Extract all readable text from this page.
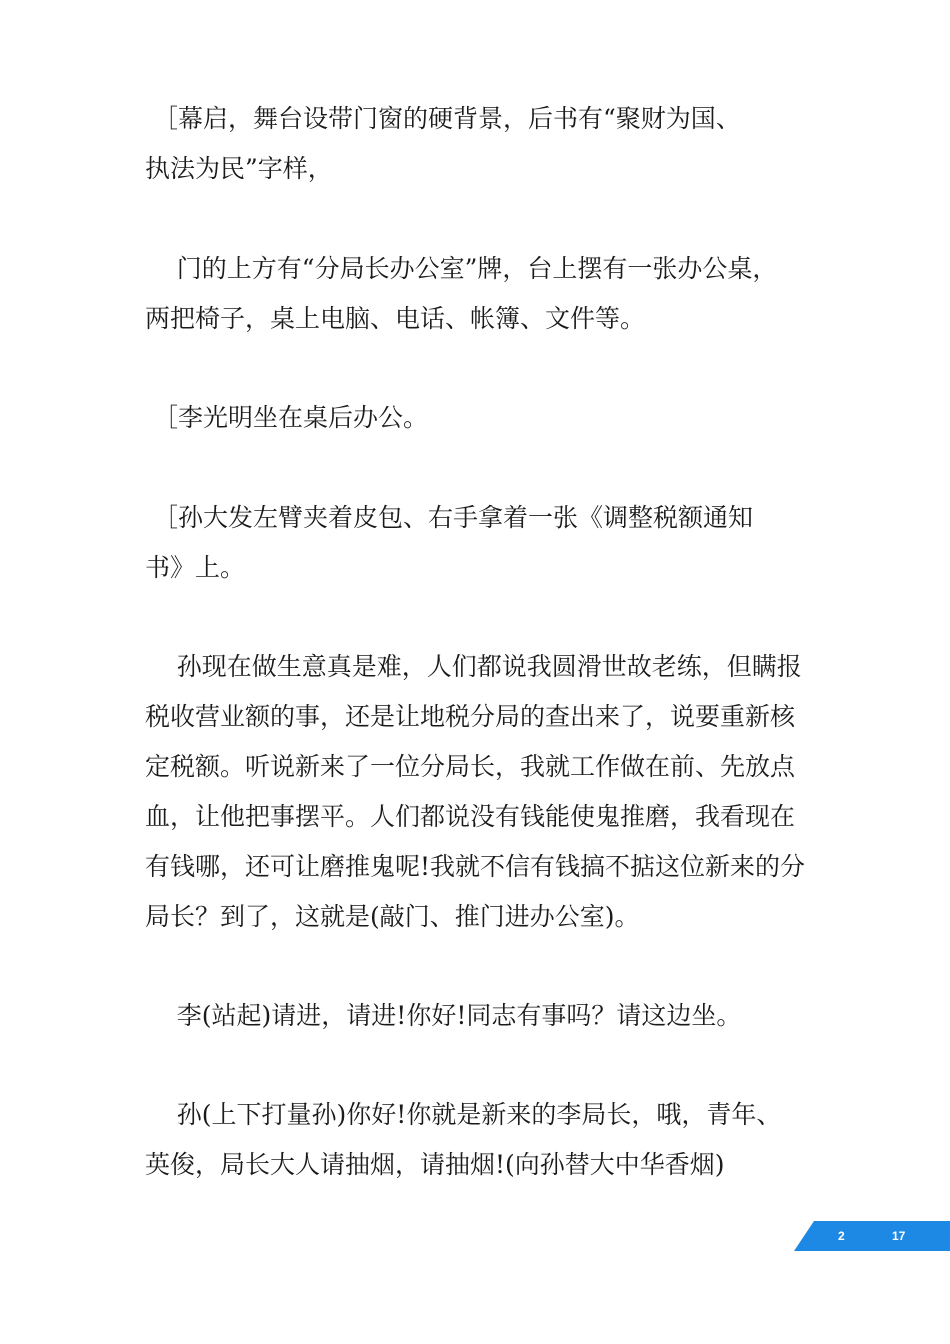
［幕启，舞台设带门窗的硬背景，后书有“聚财为国、
执法为民”字样，

门的上方有“分局长办公室”牌，台上摆有一张办公桌，
两把椅子，桌上电脑、电话、帐簿、文件等。

［李光明坐在桌后办公。

［孙大发左臂夹着皮包、右手拿着一张《调整税额通知
书》上。

孙现在做生意真是难，人们都说我圆滑世故老练，但瞒报税收营业额的事，还是让地税分局的查出来了，说要重新核定税额。听说新来了一位分局长，我就工作做在前、先放点血，让他把事摆平。人们都说没有钱能使鬼推磨，我看现在有钱哪，还可让磨推鬼呢!我就不信有钱搞不掂这位新来的分局长？到了，这就是(敲门、推门进办公室)。

李(站起)请进，请进!你好!同志有事吗？请这边坐。

孙(上下打量孙)你好!你就是新来的李局长，哦，青年、
英俊，局长大人请抽烟，请抽烟!(向孙替大中华香烟)

2	17
